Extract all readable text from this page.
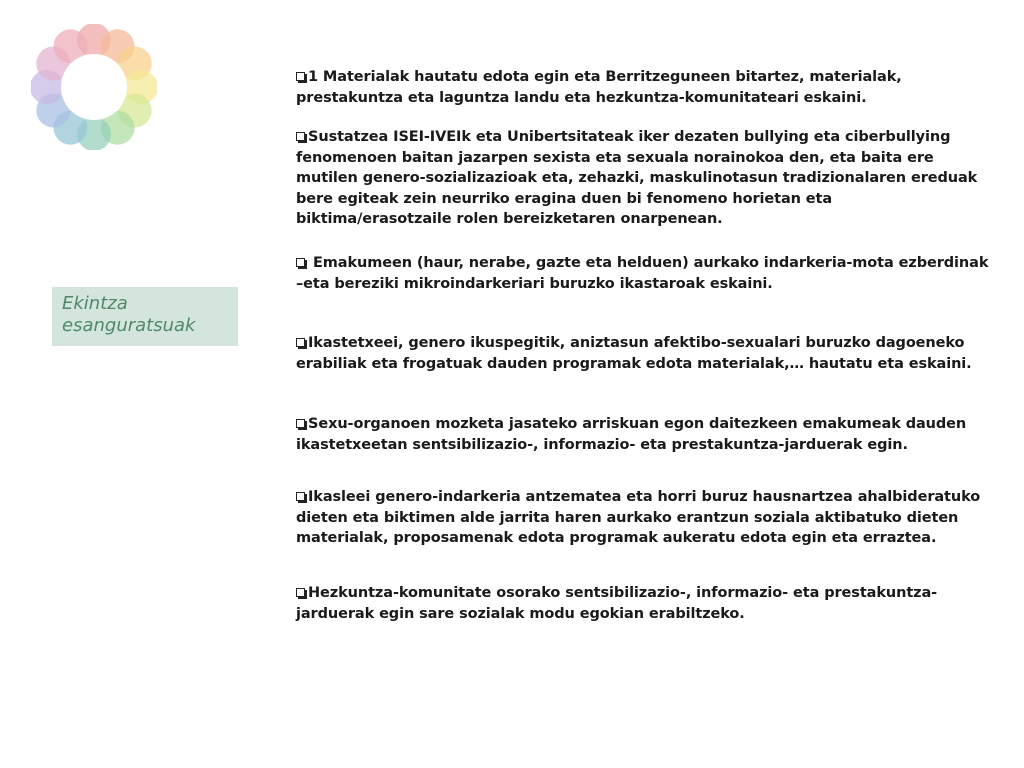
Ekintza esanguratsuak
1 Materialak hautatu edota egin eta Berritzeguneen bitartez, materialak, prestakuntza eta laguntza landu eta hezkuntza-komunitateari eskaini.
Sustatzea ISEI-IVEIk eta Unibertsitateak iker dezaten bullying eta ciberbullying fenomenoen baitan jazarpen sexista eta sexuala norainokoa den, eta baita ere mutilen genero-sozializazioak eta, zehazki, maskulinotasun tradizionalaren ereduak bere egiteak zein neurriko eragina duen bi fenomeno horietan eta biktima/erasotzaile rolen bereizketaren onarpenean.
Emakumeen (haur, nerabe, gazte eta helduen) aurkako indarkeria-mota ezberdinak –eta bereziki mikroindarkeriari buruzko ikastaroak eskaini.
Ikastetxeei, genero ikuspegitik, aniztasun afektibo-sexualari buruzko dagoeneko erabiliak eta frogatuak dauden programak edota materialak,… hautatu eta eskaini.
Sexu-organoen mozketa jasateko arriskuan egon daitezkeen emakumeak dauden ikastetxeetan sentsibilizazio-, informazio- eta prestakuntza-jarduerak egin.
Ikasleei genero-indarkeria antzematea eta horri buruz hausnartzea ahalbideratuko dieten eta biktimen alde jarrita haren aurkako erantzun soziala aktibatuko dieten materialak, proposamenak edota programak aukeratu edota egin eta erraztea.
Hezkuntza-komunitate osorako sentsibilizazio-, informazio- eta prestakuntza-jarduerak egin sare sozialak modu egokian erabiltzeko.
